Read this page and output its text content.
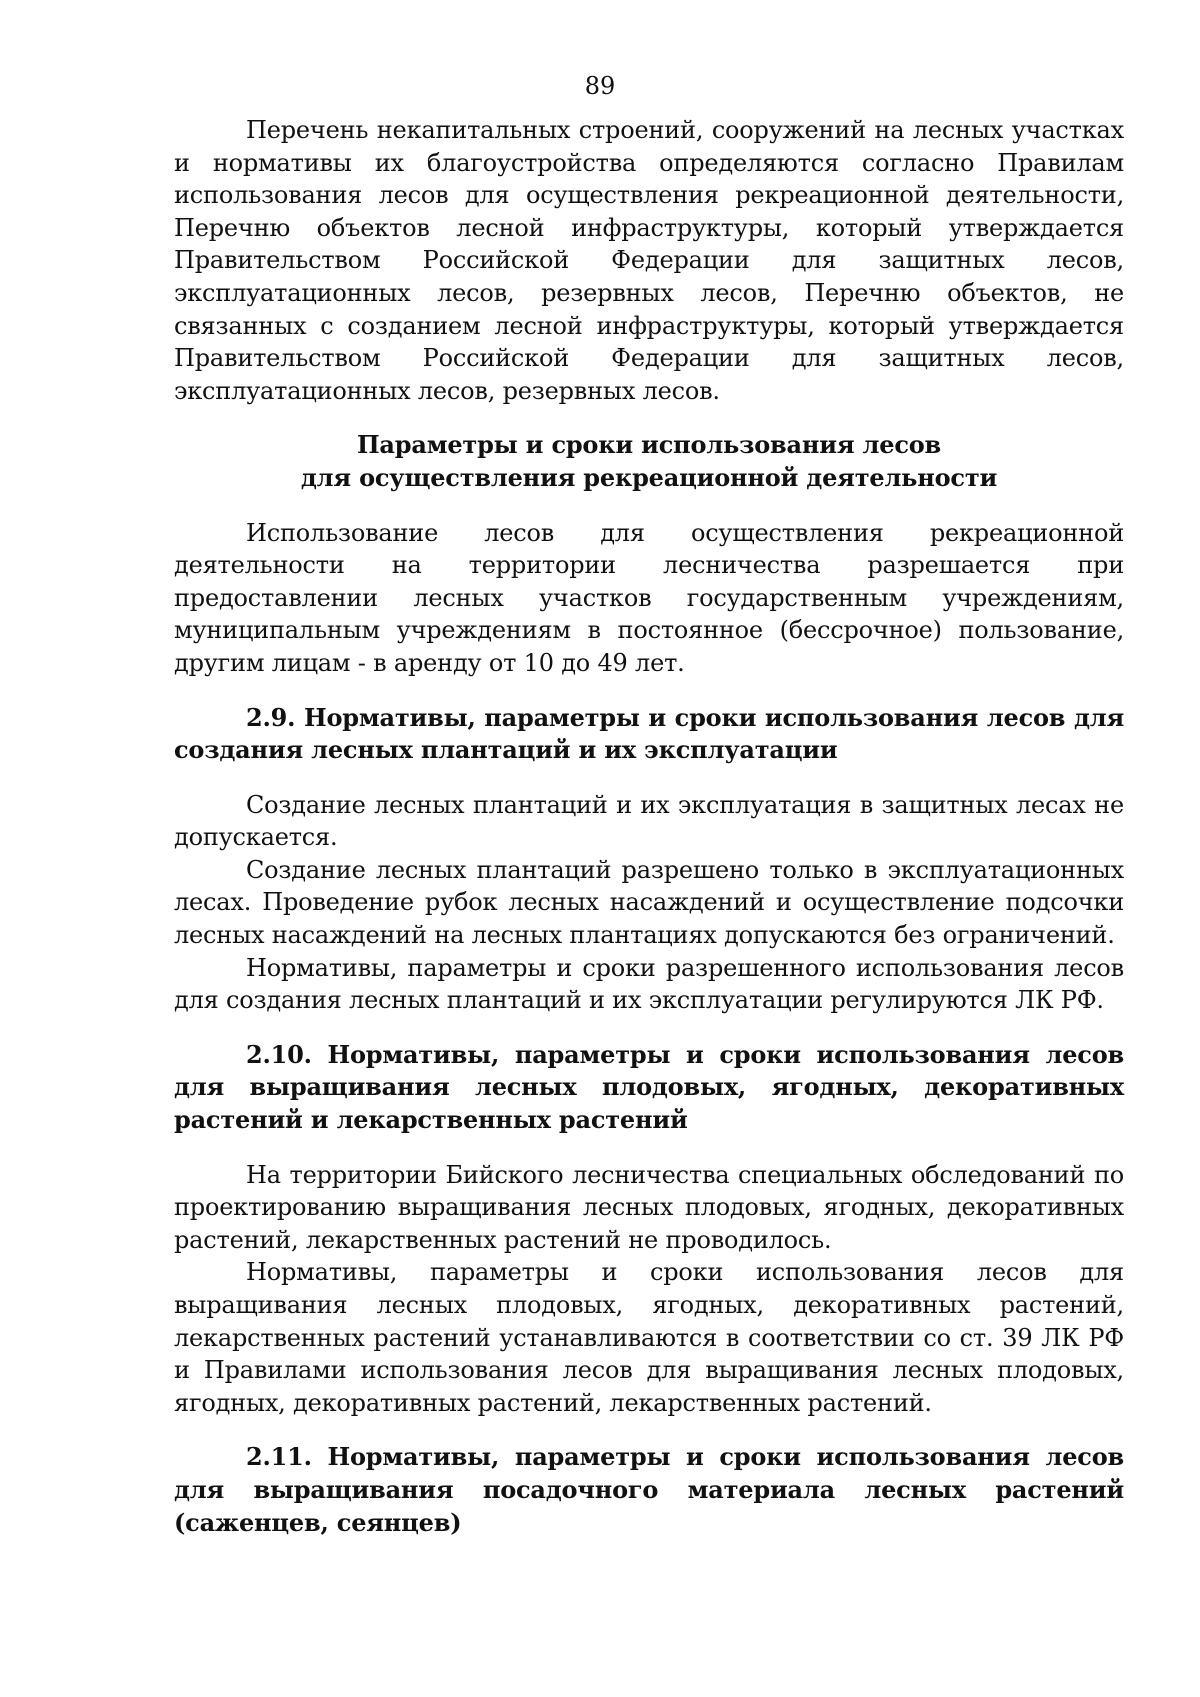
89

Перечень некапитальных строений, сооружений на лесных участках и нормативы их благоустройства определяются согласно Правилам использования лесов для осуществления рекреационной деятельности, Перечню объектов лесной инфраструктуры, который утверждается Правительством Российской Федерации для защитных лесов, эксплуатационных лесов, резервных лесов, Перечню объектов, не связанных с созданием лесной инфраструктуры, который утверждается Правительством Российской Федерации для защитных лесов, эксплуатационных лесов, резервных лесов.

Параметры и сроки использования лесов
для осуществления рекреационной деятельности

Использование лесов для осуществления рекреационной деятельности на территории лесничества разрешается при предоставлении лесных участков государственным учреждениям, муниципальным учреждениям в постоянное (бессрочное) пользование, другим лицам - в аренду от 10 до 49 лет.

2.9. Нормативы, параметры и сроки использования лесов для создания лесных плантаций и их эксплуатации

Создание лесных плантаций и их эксплуатация в защитных лесах не допускается.

Создание лесных плантаций разрешено только в эксплуатационных лесах. Проведение рубок лесных насаждений и осуществление подсочки лесных насаждений на лесных плантациях допускаются без ограничений.

Нормативы, параметры и сроки разрешенного использования лесов для создания лесных плантаций и их эксплуатации регулируются ЛК РФ.

2.10. Нормативы, параметры и сроки использования лесов для выращивания лесных плодовых, ягодных, декоративных растений и лекарственных растений

На территории Бийского лесничества специальных обследований по проектированию выращивания лесных плодовых, ягодных, декоративных растений, лекарственных растений не проводилось.

Нормативы, параметры и сроки использования лесов для выращивания лесных плодовых, ягодных, декоративных растений, лекарственных растений устанавливаются в соответствии со ст. 39 ЛК РФ и Правилами использования лесов для выращивания лесных плодовых, ягодных, декоративных растений, лекарственных растений.

2.11. Нормативы, параметры и сроки использования лесов для выращивания посадочного материала лесных растений (саженцев, сеянцев)
